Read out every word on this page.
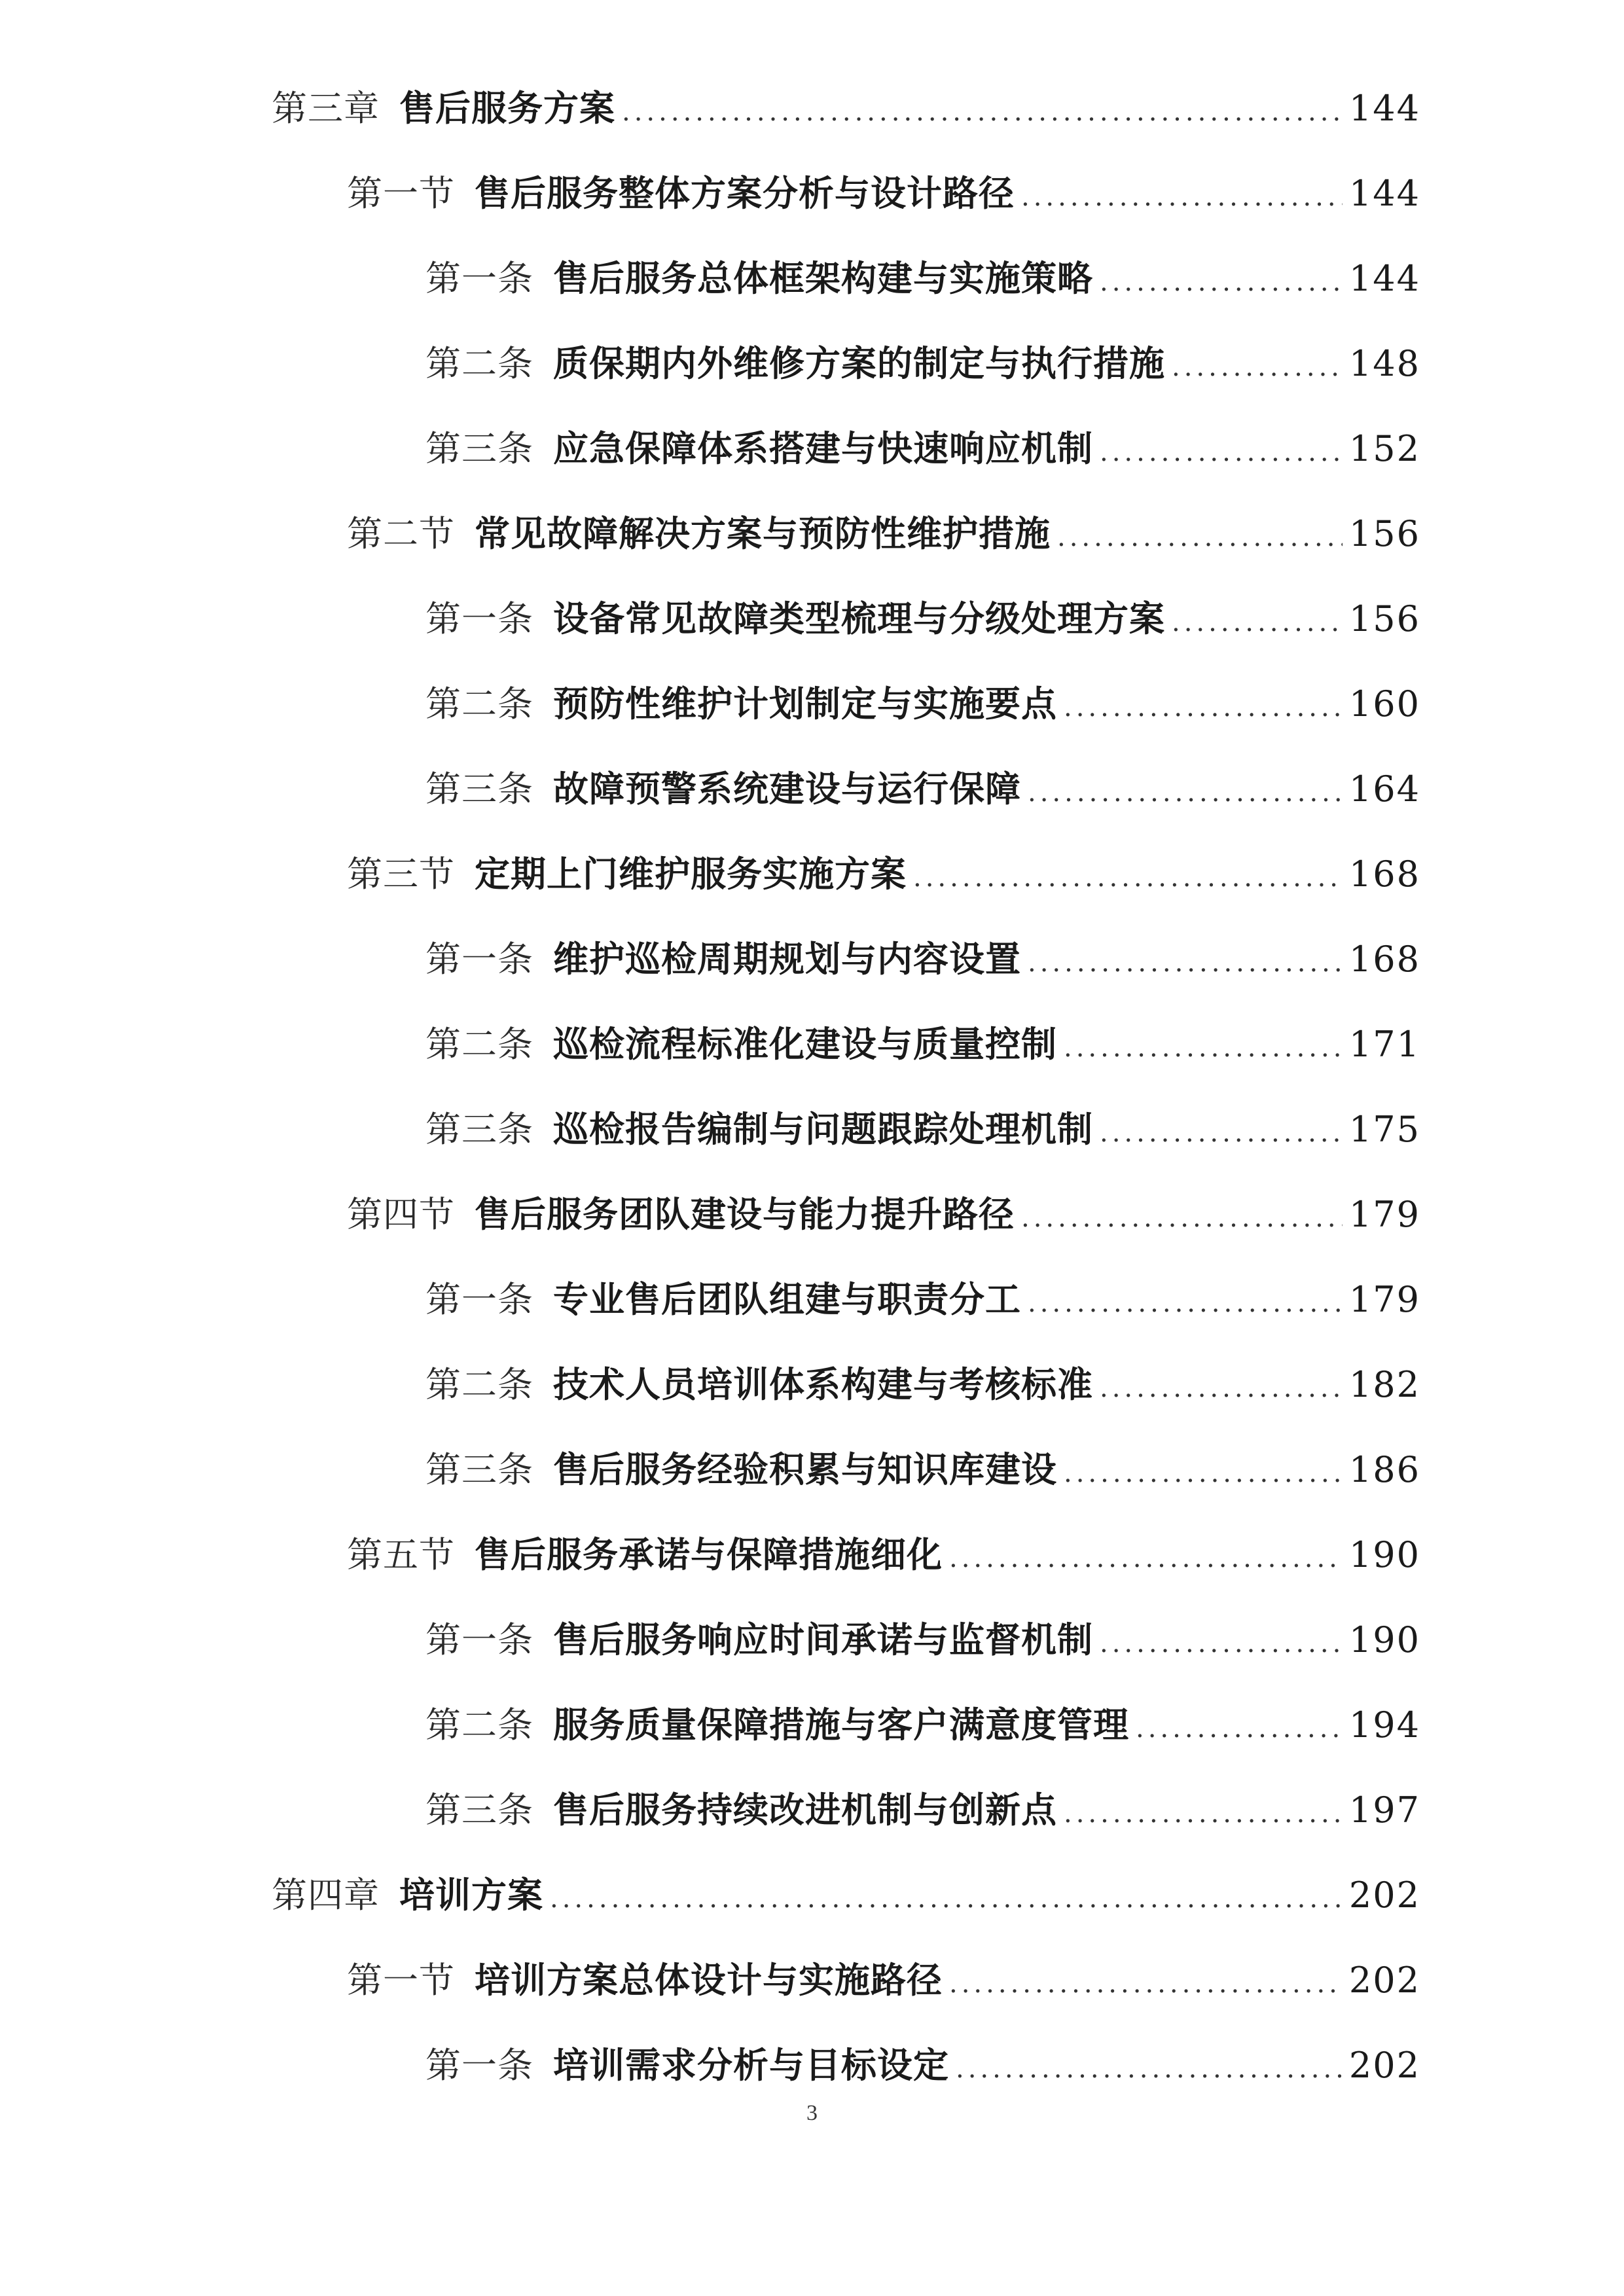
第三章 售后服务方案 .....	144
第一节 售后服务整体方案分析与设计路径 .....	144
第一条 售后服务总体框架构建与实施策略 .....	144
第二条 质保期内外维修方案的制定与执行措施 .....	148
第三条 应急保障体系搭建与快速响应机制 .....	152
第二节 常见故障解决方案与预防性维护措施 .....	156
第一条 设备常见故障类型梳理与分级处理方案 .....	156
第二条 预防性维护计划制定与实施要点 .....	160
第三条 故障预警系统建设与运行保障 .....	164
第三节 定期上门维护服务实施方案 .....	168
第一条 维护巡检周期规划与内容设置 .....	168
第二条 巡检流程标准化建设与质量控制 .....	171
第三条 巡检报告编制与问题跟踪处理机制 .....	175
第四节 售后服务团队建设与能力提升路径 .....	179
第一条 专业售后团队组建与职责分工 .....	179
第二条 技术人员培训体系构建与考核标准 .....	182
第三条 售后服务经验积累与知识库建设 .....	186
第五节 售后服务承诺与保障措施细化 .....	190
第一条 售后服务响应时间承诺与监督机制 .....	190
第二条 服务质量保障措施与客户满意度管理 .....	194
第三条 售后服务持续改进机制与创新点 .....	197
第四章 培训方案 .....	202
第一节 培训方案总体设计与实施路径 .....	202
第一条 培训需求分析与目标设定 .....	202
3
